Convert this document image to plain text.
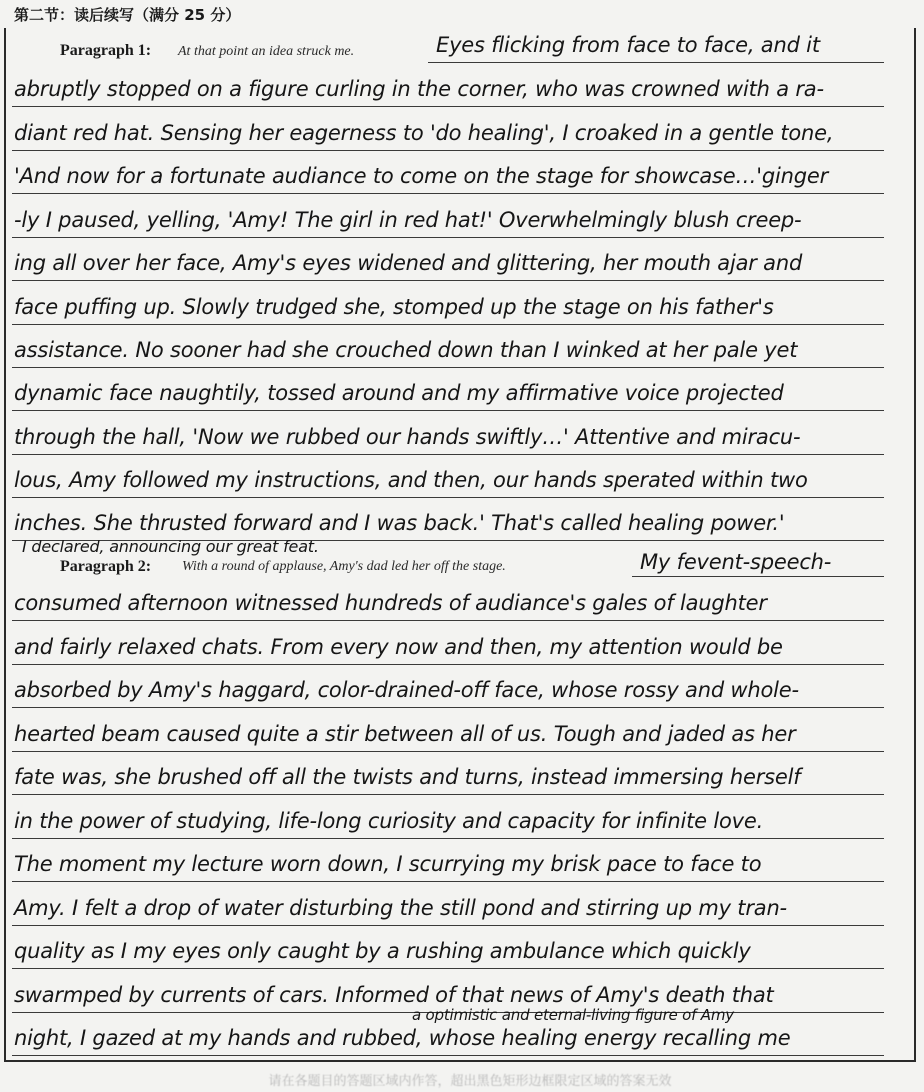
第二节：读后续写（满分 25 分）
Paragraph 1: At that point an idea struck me.	Eyes flicking from face to face, and it
abruptly stopped on a figure curling in the corner, who was crowned with a ra-
diant red hat. Sensing her eagerness to 'do healing', I croaked in a gentle tone,
'And now for a fortunate audiance to come on the stage for showcase…'ginger
-ly I paused, yelling, 'Amy! The girl in red hat!' Overwhelmingly blush creep-
ing all over her face, Amy's eyes widened and glittering, her mouth ajar and
face puffing up. Slowly trudged she, stomped up the stage on his father's
assistance. No sooner had she crouched down than I winked at her pale yet
dynamic face naughtily, tossed around and my affirmative voice projected
through the hall, 'Now we rubbed our hands swiftly…' Attentive and miracu-
lous, Amy followed my instructions, and then, our hands sperated within two
inches. She thrusted forward and I was back.' That's called healing power.'
I declared, announcing our great feat.
Paragraph 2: With a round of applause, Amy's dad led her off the stage.	My fevent-speech-
consumed afternoon witnessed hundreds of audiance's gales of laughter
and fairly relaxed chats. From every now and then, my attention would be
absorbed by Amy's haggard, color-drained-off face, whose rossy and whole-
hearted beam caused quite a stir between all of us. Tough and jaded as her
fate was, she brushed off all the twists and turns, instead immersing herself
in the power of studying, life-long curiosity and capacity for infinite love.
The moment my lecture worn down, I scurrying my brisk pace to face to
Amy. I felt a drop of water disturbing the still pond and stirring up my tran-
quality as I my eyes only caught by a rushing ambulance which quickly
swarmped by currents of cars. Informed of that news of Amy's death that
a optimistic and eternal-living figure of Amy
night, I gazed at my hands and rubbed, whose healing energy recalling me
请在各题目的答题区域内作答，超出黑色矩形边框限定区域的答案无效
